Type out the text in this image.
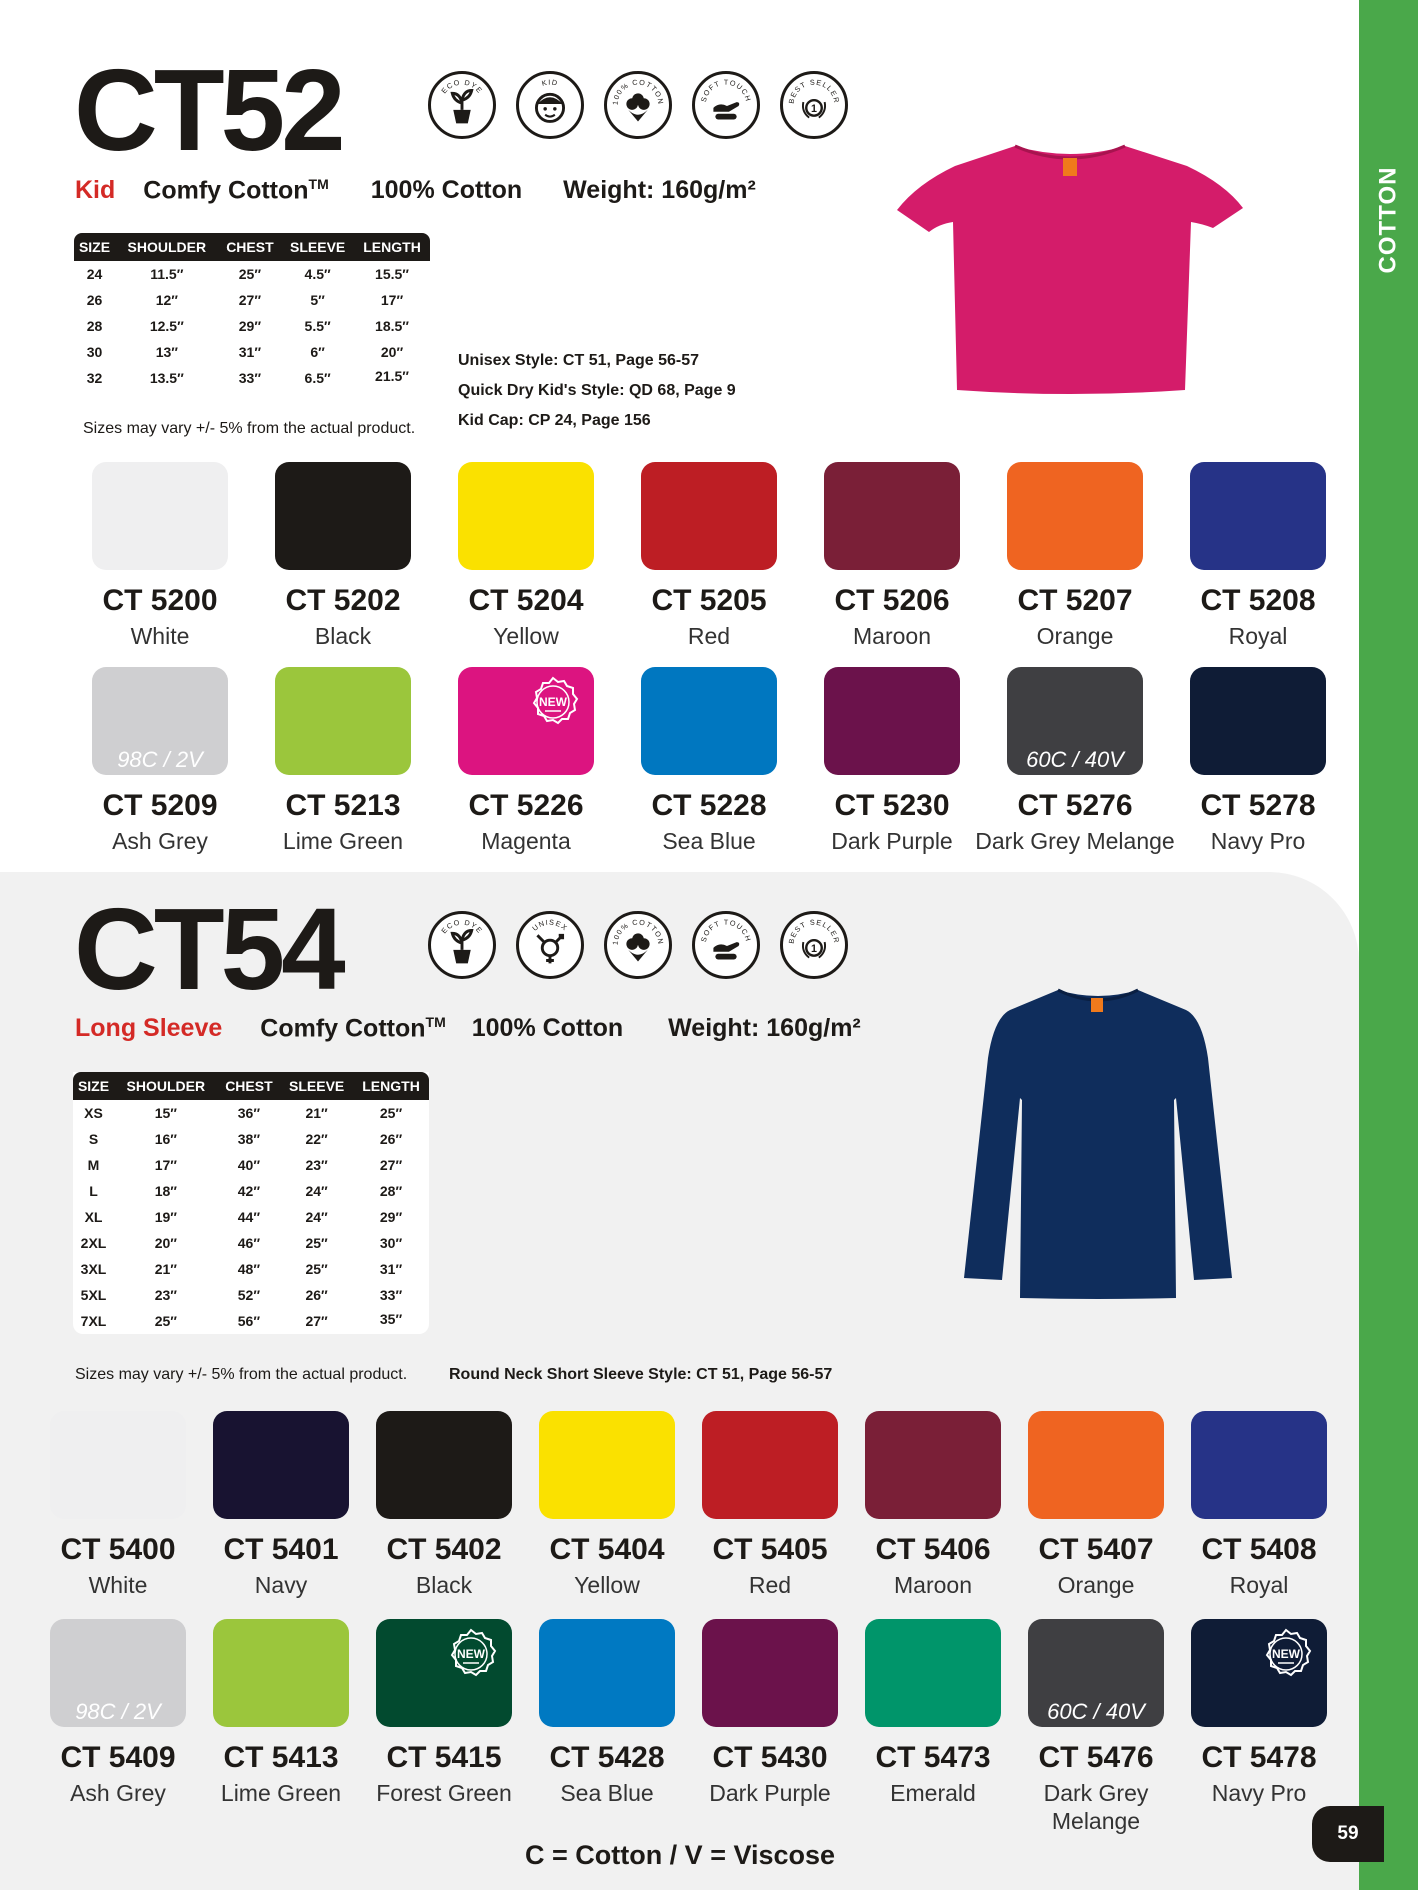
COTTON
CT52	ECO DYE
KID
100% COTTON	SOFT TOUCH	BEST SELLER
1
Kid Comfy Cotton™ 100% Cotton Weight: 160g/m²
SIZE	SHOULDER	CHEST	SLEEVE	LENGTH
24	11.5″	25″	4.5″	15.5″
26	12″	27″	5″	17″
28	12.5″	29″	5.5″	18.5″
30	13″	31″	6″	20″
32	13.5″	33″	6.5″	21.5″
Sizes may vary +/- 5% from the actual product.
Unisex Style: CT 51, Page 56-57
Quick Dry Kid's Style: QD 68, Page 9
Kid Cap: CP 24, Page 156
CT 5200
White
CT 5202
Black
CT 5204
Yellow
CT 5205
Red
CT 5206
Maroon
CT 5207
Orange
CT 5208
Royal
98C / 2V
CT 5209
Ash Grey
CT 5213
Lime Green
NEW
CT 5226
Magenta
CT 5228
Sea Blue
CT 5230
Dark Purple
60C / 40V
CT 5276
Dark Grey Melange
CT 5278
Navy Pro
CT54	ECO DYE	UNISEX
100% COTTON	SOFT TOUCH	BEST SELLER
1
Long Sleeve Comfy Cotton™ 100% Cotton Weight: 160g/m²
SIZE	SHOULDER	CHEST	SLEEVE	LENGTH
XS	15″	36″	21″	25″
S	16″	38″	22″	26″
M	17″	40″	23″	27″
L	18″	42″	24″	28″
XL	19″	44″	24″	29″
2XL	20″	46″	25″	30″
3XL	21″	48″	25″	31″
5XL	23″	52″	26″	33″
7XL	25″	56″	27″	35″
Sizes may vary +/- 5% from the actual product.	Round Neck Short Sleeve Style: CT 51, Page 56-57
CT 5400
White
CT 5401
Navy
CT 5402
Black
CT 5404
Yellow
CT 5405
Red
CT 5406
Maroon
CT 5407
Orange
CT 5408
Royal
98C / 2V
CT 5409
Ash Grey
CT 5413
Lime Green
NEW
CT 5415
Forest Green
CT 5428
Sea Blue
CT 5430
Dark Purple
CT 5473
Emerald
60C / 40V
CT 5476
Dark Grey Melange
NEW
CT 5478
Navy Pro
C = Cotton / V = Viscose
59
